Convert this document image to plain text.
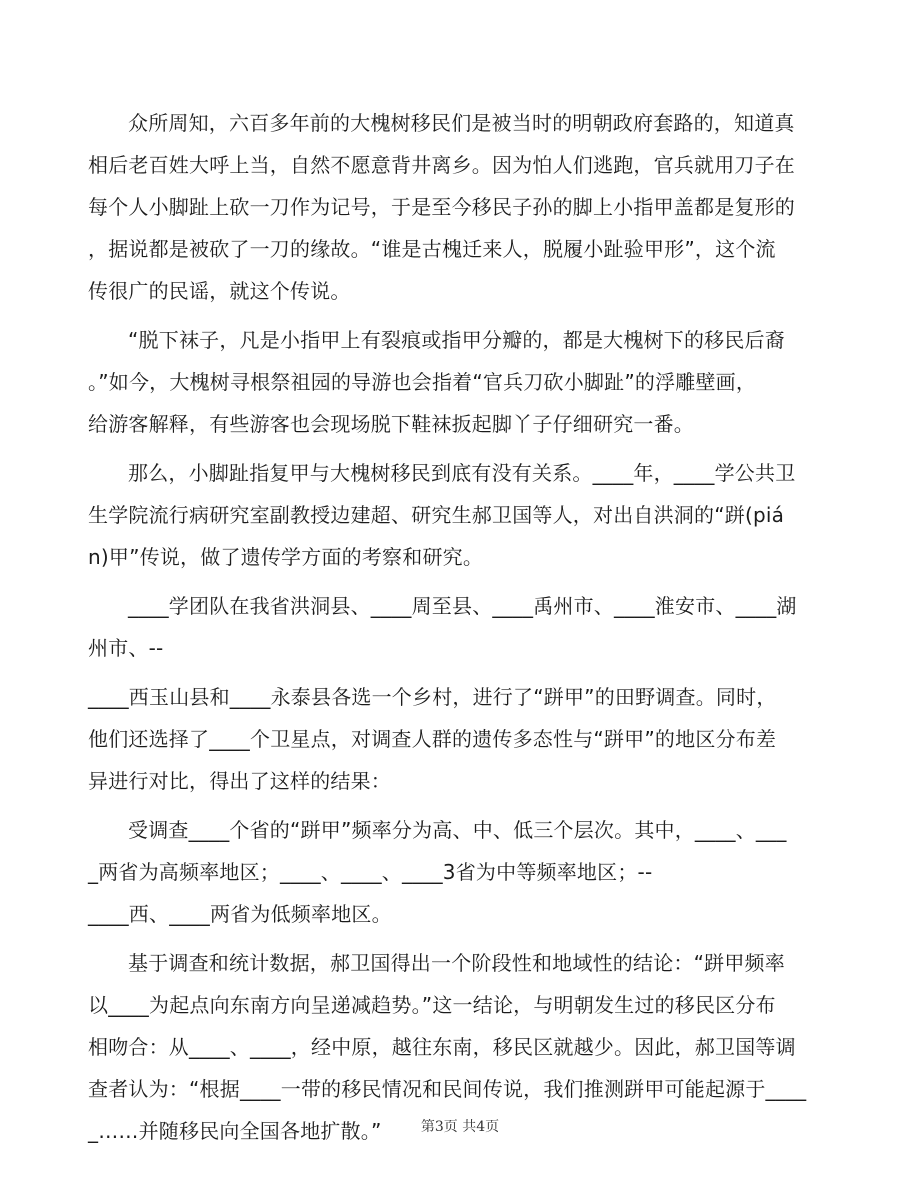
众所周知，六百多年前的大槐树移民们是被当时的明朝政府套路的，知道真
相后老百姓大呼上当，自然不愿意背井离乡。因为怕人们逃跑，官兵就用刀子在
每个人小脚趾上砍一刀作为记号，于是至今移民子孙的脚上小指甲盖都是复形的
，据说都是被砍了一刀的缘故。“谁是古槐迁来人，脱履小趾验甲形”，这个流
传很广的民谣，就这个传说。
“脱下袜子，凡是小指甲上有裂痕或指甲分瓣的，都是大槐树下的移民后裔
。”如今，大槐树寻根祭祖园的导游也会指着“官兵刀砍小脚趾”的浮雕壁画，
给游客解释，有些游客也会现场脱下鞋袜扳起脚丫子仔细研究一番。
那么，小脚趾指复甲与大槐树移民到底有没有关系。____年，____学公共卫
生学院流行病研究室副教授边建超、研究生郝卫国等人，对出自洪洞的“跰(piá
n)甲”传说，做了遗传学方面的考察和研究。
____学团队在我省洪洞县、____周至县、____禹州市、____淮安市、____湖
州市、--
____西玉山县和____永泰县各选一个乡村，进行了“跰甲”的田野调查。同时，
他们还选择了____个卫星点，对调查人群的遗传多态性与“跰甲”的地区分布差
异进行对比，得出了这样的结果：
受调查____个省的“跰甲”频率分为高、中、低三个层次。其中，____、___
_两省为高频率地区；____、____、____3省为中等频率地区；--
____西、____两省为低频率地区。
基于调查和统计数据，郝卫国得出一个阶段性和地域性的结论：“跰甲频率
以____为起点向东南方向呈递减趋势。”这一结论，与明朝发生过的移民区分布
相吻合：从____、____，经中原，越往东南，移民区就越少。因此，郝卫国等调
查者认为：“根据____一带的移民情况和民间传说，我们推测跰甲可能起源于____
_……并随移民向全国各地扩散。”	第3页 共4页
